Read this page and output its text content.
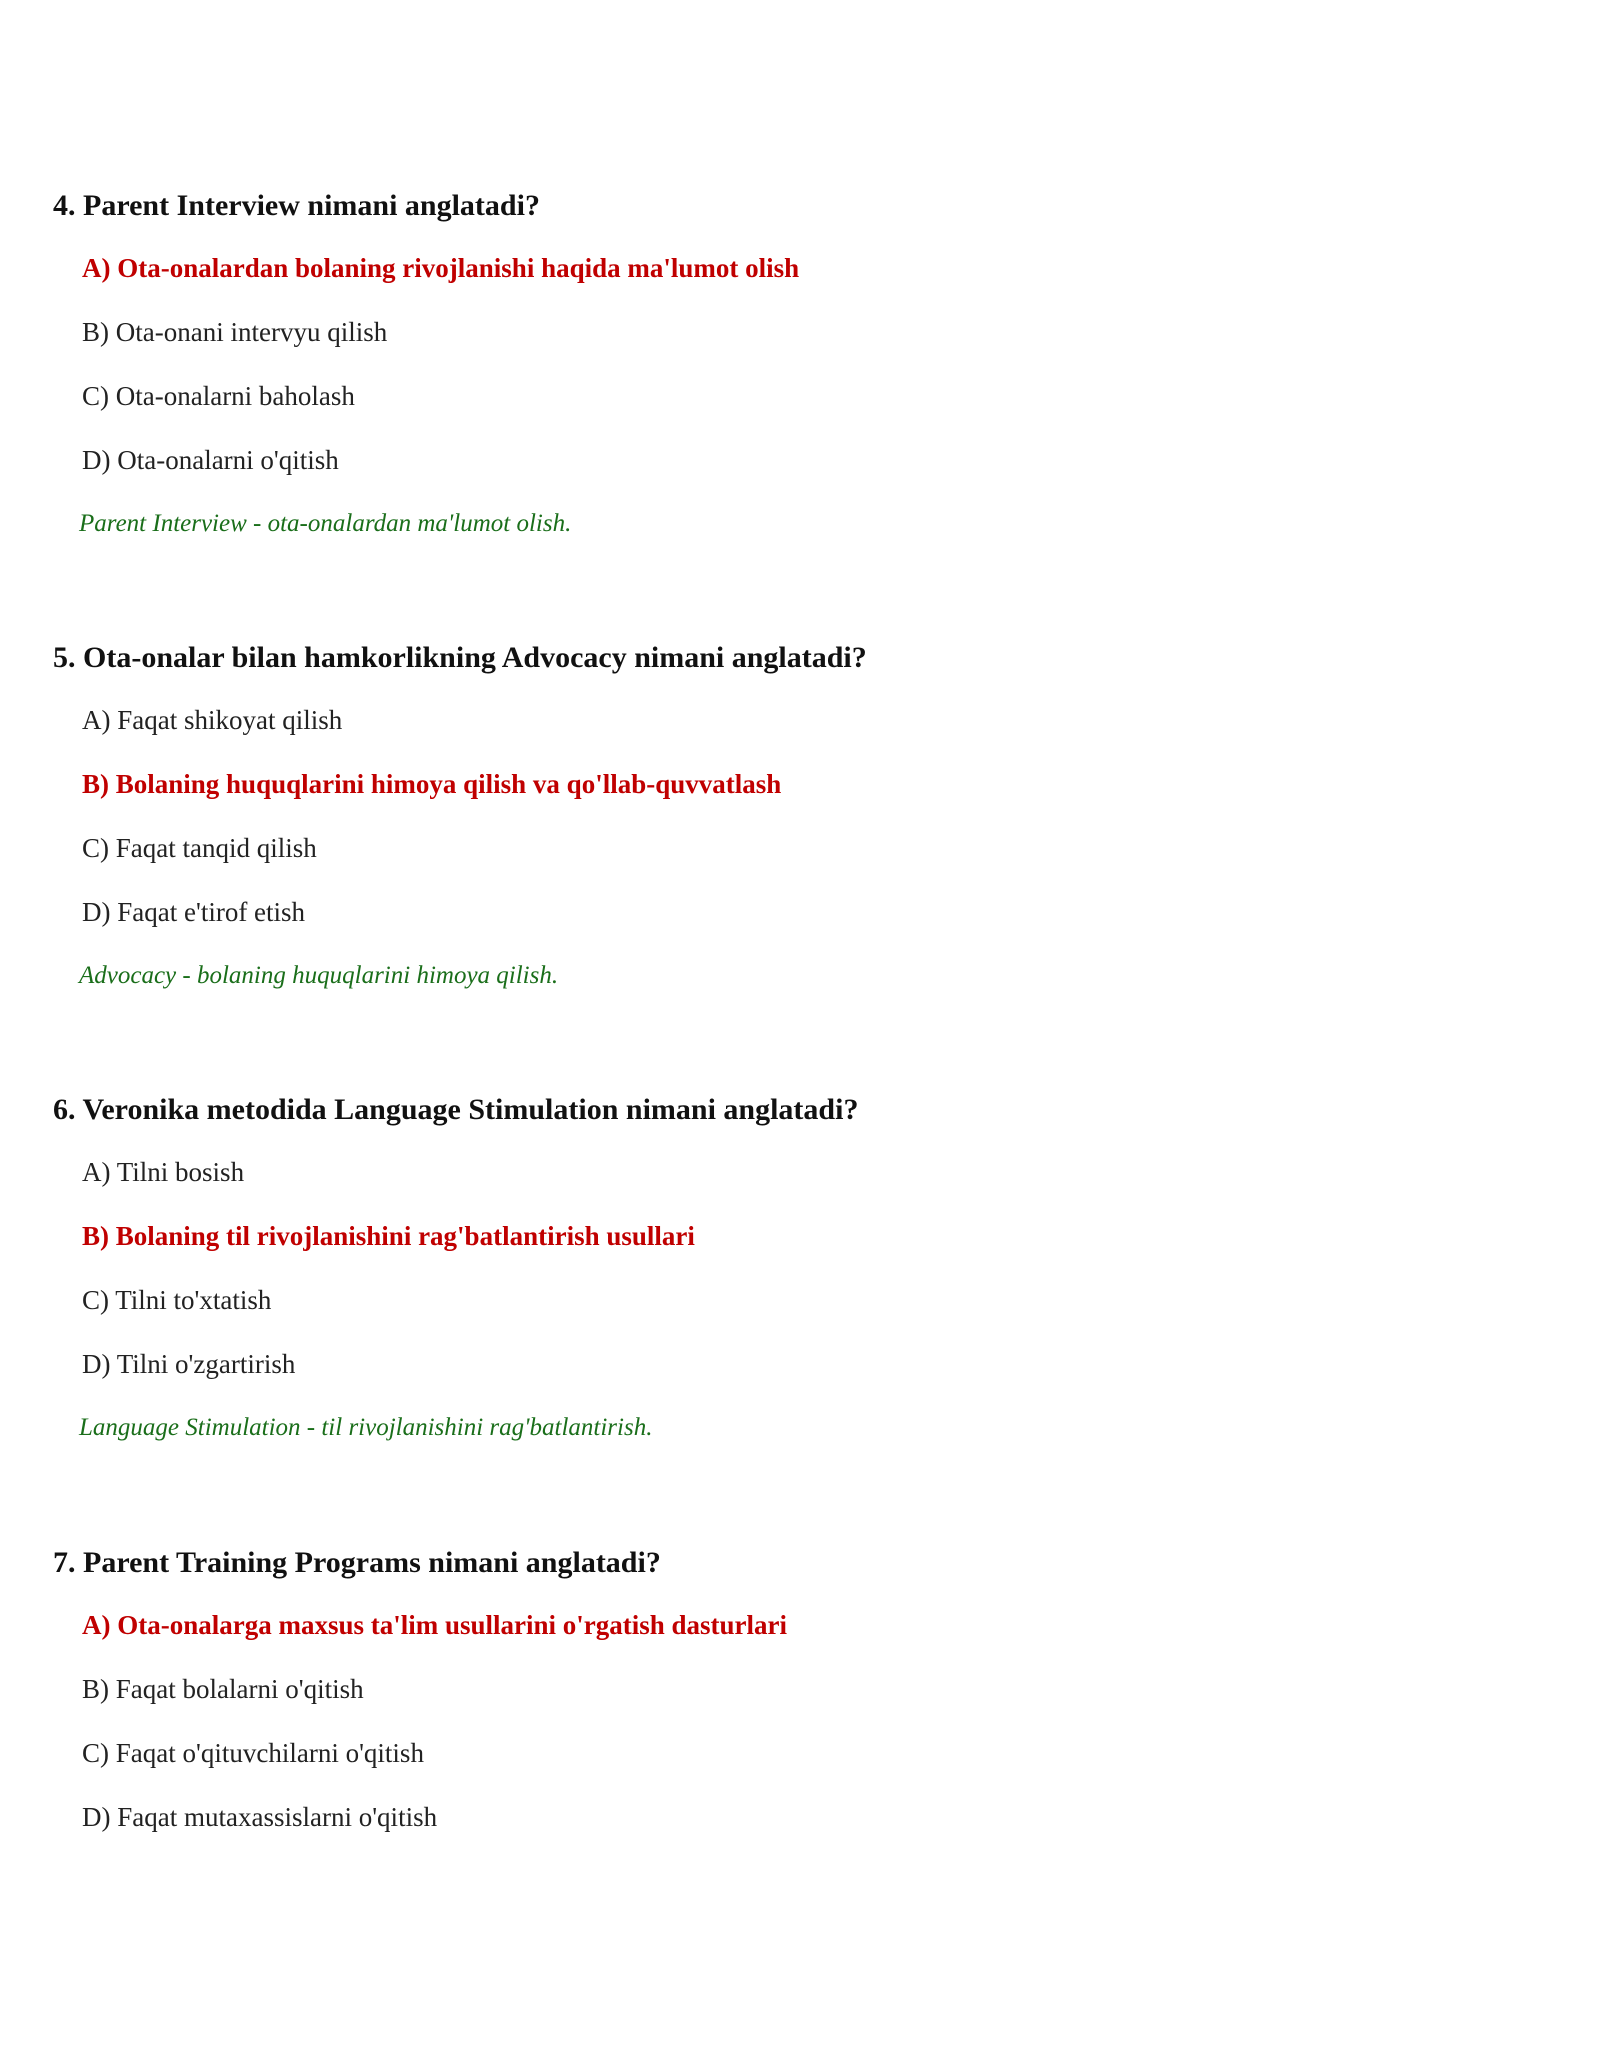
4. Parent Interview nimani anglatadi?
A) Ota-onalardan bolaning rivojlanishi haqida ma'lumot olish
B) Ota-onani intervyu qilish
C) Ota-onalarni baholash
D) Ota-onalarni o'qitish
Parent Interview - ota-onalardan ma'lumot olish.
5. Ota-onalar bilan hamkorlikning Advocacy nimani anglatadi?
A) Faqat shikoyat qilish
B) Bolaning huquqlarini himoya qilish va qo'llab-quvvatlash
C) Faqat tanqid qilish
D) Faqat e'tirof etish
Advocacy - bolaning huquqlarini himoya qilish.
6. Veronika metodida Language Stimulation nimani anglatadi?
A) Tilni bosish
B) Bolaning til rivojlanishini rag'batlantirish usullari
C) Tilni to'xtatish
D) Tilni o'zgartirish
Language Stimulation - til rivojlanishini rag'batlantirish.
7. Parent Training Programs nimani anglatadi?
A) Ota-onalarga maxsus ta'lim usullarini o'rgatish dasturlari
B) Faqat bolalarni o'qitish
C) Faqat o'qituvchilarni o'qitish
D) Faqat mutaxassislarni o'qitish
